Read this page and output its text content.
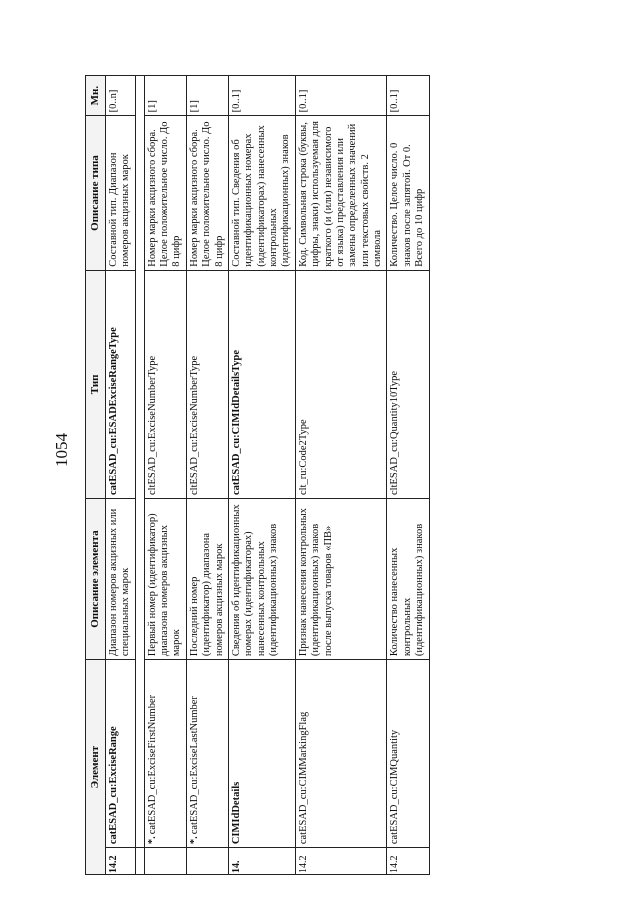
1054
Элемент		Описание элемента	Тип	Описание типа	Мн.
14.2	catESAD_cu:ExciseRange	Диапазон номеров акцизных или специальных марок	catESAD_cu:ESADExciseRangeType	Составной тип. Диапазон номеров акцизных марок	[0..n]

	*.catESAD_cu:ExciseFirstNumber	Первый номер (идентификатор) диапазона номеров акцизных марок	cltESAD_cu:ExciseNumberType	Номер марки акцизного сбора. Целое положительное число. До 8 цифр	[1]
	*.catESAD_cu:ExciseLastNumber	Последний номер (идентификатор) диапазона номеров акцизных марок	cltESAD_cu:ExciseNumberType	Номер марки акцизного сбора. Целое положительное число. До 8 цифр	[1]
14.	CIMIdDetails	Сведения об идентификационных номерах (идентификаторах) нанесенных контрольных (идентификационных) знаков	catESAD_cu:CIMIdDetailsType	Составной тип. Сведения об идентификационных номерах (идентификаторах) нанесенных контрольных (идентификационных) знаков	[0..1]
14.2	catESAD_cu:CIMMarkingFlag	Признак нанесения контрольных (идентификационных) знаков после выпуска товаров «ПВ»	clt_ru:Code2Type	Код. Символьная строка (буквы, цифры, знаки) используемая для краткого (и (или) независимого от языка) представления или замены определенных значений или текстовых свойств. 2 символа	[0..1]
14.2	catESAD_cu:CIMQuantity	Количество нанесенных контрольных (идентификационных) знаков	cltESAD_cu:Quantity10Type	Количество. Целое число. 0 знаков после запятой. От 0. Всего до 10 цифр	[0..1]
